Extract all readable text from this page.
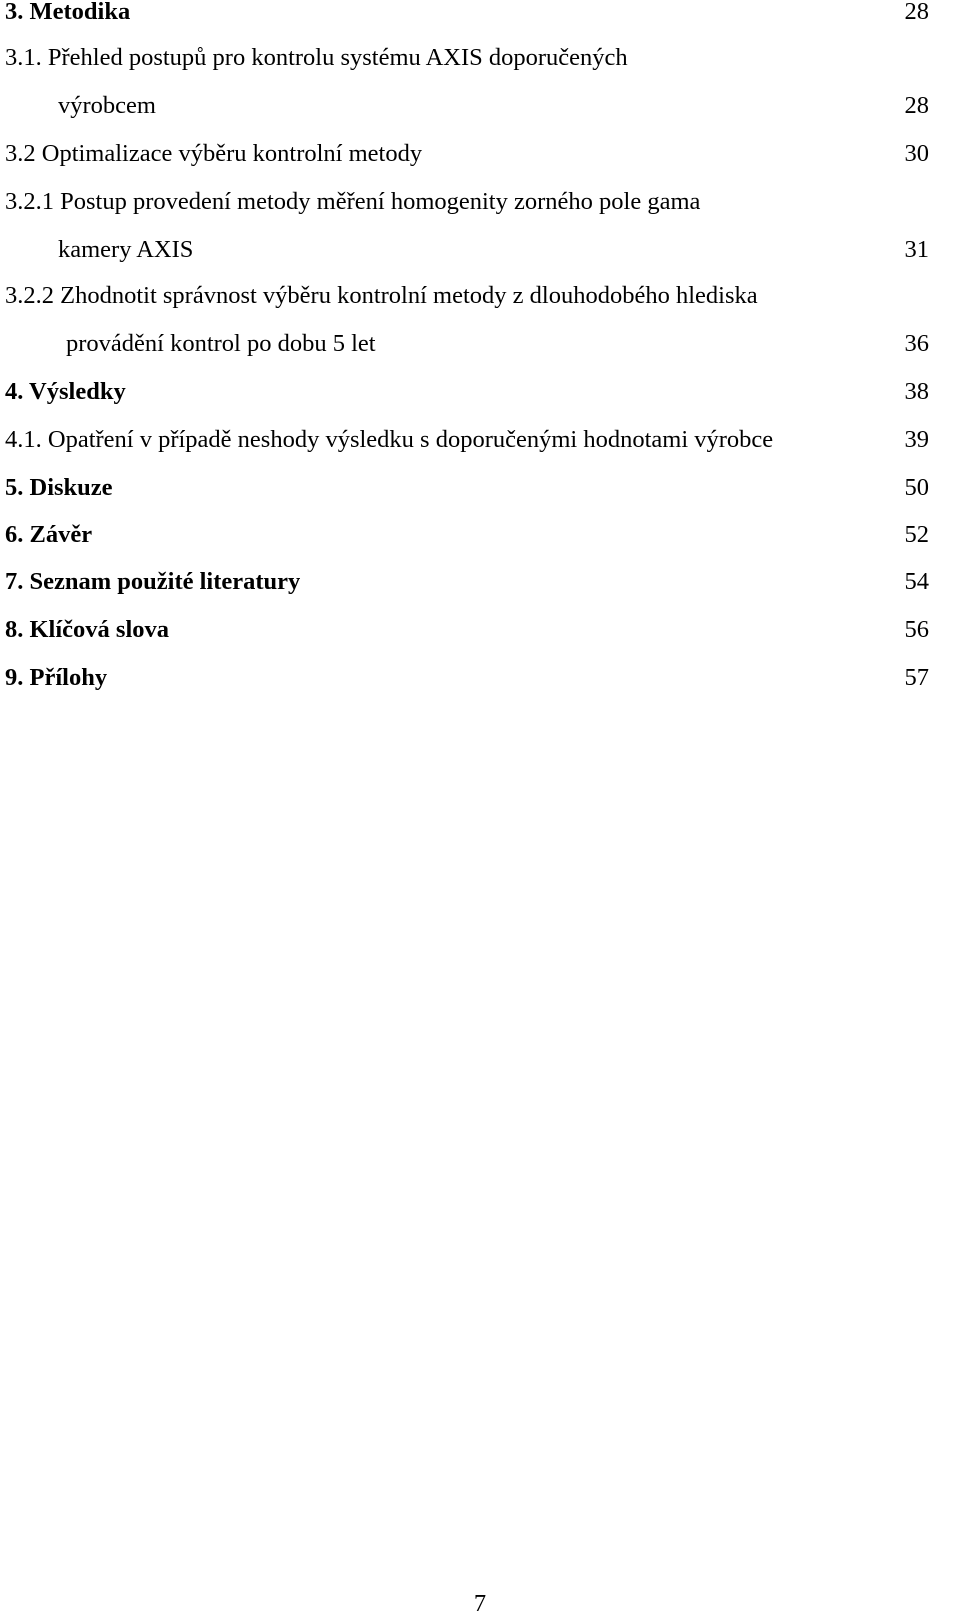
3. Metodika	28
3.1. Přehled postupů pro kontrolu systému AXIS doporučených
výrobcem	28
3.2 Optimalizace výběru kontrolní metody	30
3.2.1 Postup provedení metody měření homogenity zorného pole gama
kamery AXIS	31
3.2.2 Zhodnotit správnost výběru kontrolní metody z dlouhodobého hlediska
provádění kontrol po dobu 5 let	36
4. Výsledky	38
4.1. Opatření v případě neshody výsledku s doporučenými hodnotami výrobce	39
5. Diskuze	50
6. Závěr	52
7. Seznam použité literatury	54
8. Klíčová slova	56
9. Přílohy	57
7
